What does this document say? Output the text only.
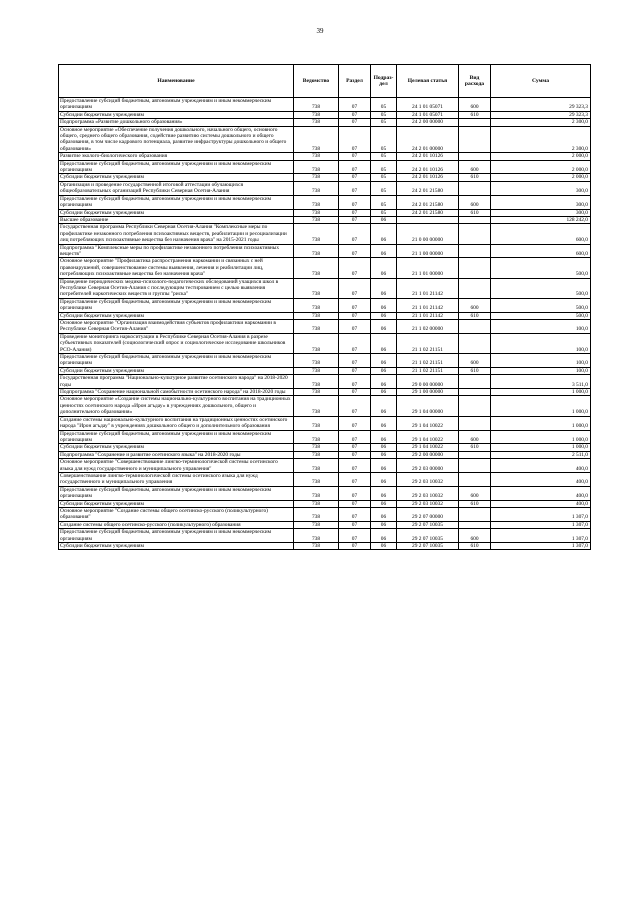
39
Наименование	Ведомство	Раздел	Подраз-дел	Целевая статья	Вид расхода	Сумма
Предоставление субсидий бюджетным, автономным учреждениям и иным некоммерческим организациям	738	07	05	24 1 01 05071	600	29 323,3
Субсидии бюджетным учреждениям	738	07	05	24 1 01 05071	610	29 323,3
Подпрограмма «Развитие дошкольного образования»	738	07	05	24 2 00 00000		2 300,0
Основное мероприятие «Обеспечение получения дошкольного, начального общего, основного общего, среднего общего образования, содействие развитию системы дошкольного и общего образования, в том числе кадрового потенциала, развитие инфраструктуры дошкольного и общего образования»	738	07	05	24 2 01 00000		2 300,0
Развитие эколого-биологического образования	738	07	05	24 2 01 10126		2 000,0
Предоставление субсидий бюджетным, автономным учреждениям и иным некоммерческим организациям	738	07	05	24 2 01 10126	600	2 000,0
Субсидии бюджетным учреждениям	738	07	05	24 2 01 10126	610	2 000,0
Организация и проведение государственной итоговой аттестации обучающихся общеобразовательных организаций Республики Северная Осетия-Алания	738	07	05	24 2 01 21580		300,0
Предоставление субсидий бюджетным, автономным учреждениям и иным некоммерческим организациям	738	07	05	24 2 01 21580	600	300,0
Субсидии бюджетным учреждениям	738	07	05	24 2 01 21580	610	300,0
Высшее образование	738	07	06			128 242,0
Государственная программа Республики Северная Осетия-Алания "Комплексные меры по профилактике незаконного потребления психоактивных веществ, реабилитации и ресоциализации лиц потребляющих психоактивные вещества без назначения врача" на 2015-2021 годы	738	07	06	21 0 00 00000		600,0
Подпрограмма "Комплексные меры по профилактике незаконного потребления психоактивных веществ"	738	07	06	21 1 00 00000		600,0
Основное мероприятие "Профилактика распространения наркомании и связанных с ней правонарушений, совершенствование системы выявления, лечения и реабилитации лиц, потребляющих психоактивные вещества без назначения врача"	738	07	06	21 1 01 00000		500,0
Проведение периодических медико-психолого-педагогических обследований учащихся школ в Республике Северная Осетия-Алания с последующим тестированием с целью выявления потребителей наркотических веществ и группы "риска"	738	07	06	21 1 01 21142		500,0
Предоставление субсидий бюджетным, автономным учреждениям и иным некоммерческим организациям	738	07	06	21 1 01 21142	600	500,0
Субсидии бюджетным учреждениям	738	07	06	21 1 01 21142	610	500,0
Основное мероприятие "Организация взаимодействия субъектов профилактики наркомании в Республике Северная Осетия-Алания"	738	07	06	21 1 02 00000		100,0
Проведение мониторинга наркоситуации в Республике Северная Осетия-Алания в разрезе субъективных показателей (социологический опрос и социологическое исследование школьников РСО-Алания)	738	07	06	21 1 02 21151		100,0
Предоставление субсидий бюджетным, автономным учреждениям и иным некоммерческим организациям	738	07	06	21 1 02 21151	600	100,0
Субсидии бюджетным учреждениям	738	07	06	21 1 02 21151	610	100,0
Государственная программа "Национально-культурное развитие осетинского народа" на 2018-2020 годы	738	07	06	29 0 00 00000		3 511,0
Подпрограмма "Сохранение национальной самобытности осетинского народа" на 2018-2020 годы	738	07	06	29 1 00 00000		1 000,0
Основное мероприятие «Создание системы национально-культурного воспитания на традиционных ценностях осетинского народа «Ирон агъдау» в учреждениях дошкольного, общего и дополнительного образования»	738	07	06	29 1 04 00000		1 000,0
Создание системы национально-культурного воспитания на традиционных ценностях осетинского народа "Ирон агъдау" в учреждениях дошкольного общего и дополнительного образования	738	07	06	29 1 04 10022		1 000,0
Предоставление субсидий бюджетным, автономным учреждениям и иным некоммерческим организациям	738	07	06	29 1 04 10022	600	1 000,0
Субсидии бюджетным учреждениям	738	07	06	29 1 04 10022	610	1 000,0
Подпрограмма "Сохранение и развитие осетинского языка" на 2018-2020 годы	738	07	06	29 2 00 00000		2 511,0
Основное мероприятие "Совершенствование лингво-терминологической системы осетинского языка для нужд государственного и муниципального управления"	738	07	06	29 2 03 00000		400,0
Совершенствование лингво-терминологической системы осетинского языка для нужд государственного и муниципального управления	738	07	06	29 2 03 10032		400,0
Предоставление субсидий бюджетным, автономным учреждениям и иным некоммерческим организациям	738	07	06	29 2 03 10032	600	400,0
Субсидии бюджетным учреждениям	738	07	06	29 2 03 10032	610	400,0
Основное мероприятие "Создание системы общего осетинско-русского (поликультурного) образования"	738	07	06	29 2 07 00000		1 307,0
Создание системы общего осетинско-русского (поликультурного) образования	738	07	06	29 2 07 10035		1 307,0
Предоставление субсидий бюджетным, автономным учреждениям и иным некоммерческим организациям	738	07	06	29 2 07 10035	600	1 307,0
Субсидии бюджетным учреждениям	738	07	06	29 2 07 10035	610	1 307,0
